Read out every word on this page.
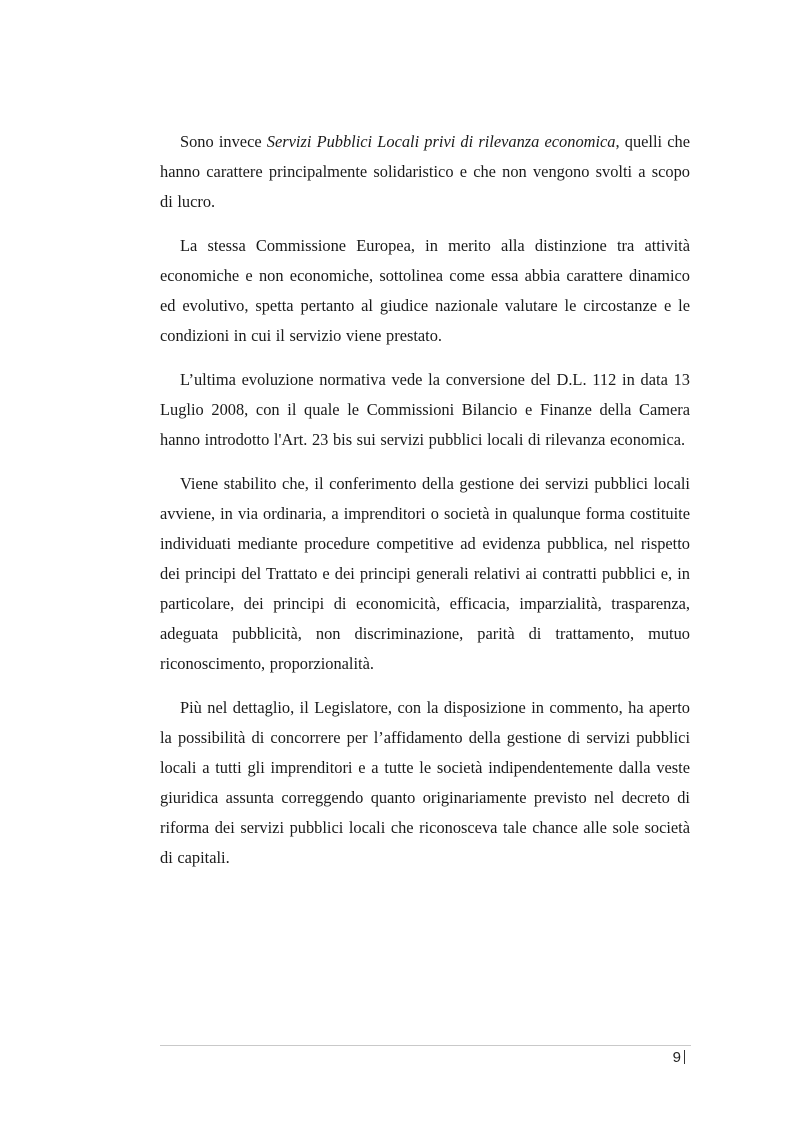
Sono invece Servizi Pubblici Locali privi di rilevanza economica, quelli che hanno carattere principalmente solidaristico e che non vengono svolti a scopo di lucro.

La stessa Commissione Europea, in merito alla distinzione tra attività economiche e non economiche, sottolinea come essa abbia carattere dinamico ed evolutivo, spetta pertanto al giudice nazionale valutare le circostanze e le condizioni in cui il servizio viene prestato.

L’ultima evoluzione normativa vede la conversione del D.L. 112 in data 13 Luglio 2008, con il quale le Commissioni Bilancio e Finanze della Camera hanno introdotto l'Art. 23 bis sui servizi pubblici locali di rilevanza economica.

Viene stabilito che, il conferimento della gestione dei servizi pubblici locali avviene, in via ordinaria, a imprenditori o società in qualunque forma costituite individuati mediante procedure competitive ad evidenza pubblica, nel rispetto dei principi del Trattato e dei principi generali relativi ai contratti pubblici e, in particolare, dei principi di economicità, efficacia, imparzialità, trasparenza, adeguata pubblicità, non discriminazione, parità di trattamento, mutuo riconoscimento, proporzionalità.

Più nel dettaglio, il Legislatore, con la disposizione in commento, ha aperto la possibilità di concorrere per l’affidamento della gestione di servizi pubblici locali a tutti gli imprenditori e a tutte le società indipendentemente dalla veste giuridica assunta correggendo quanto originariamente previsto nel decreto di riforma dei servizi pubblici locali che riconosceva tale chance alle sole società di capitali.

9
